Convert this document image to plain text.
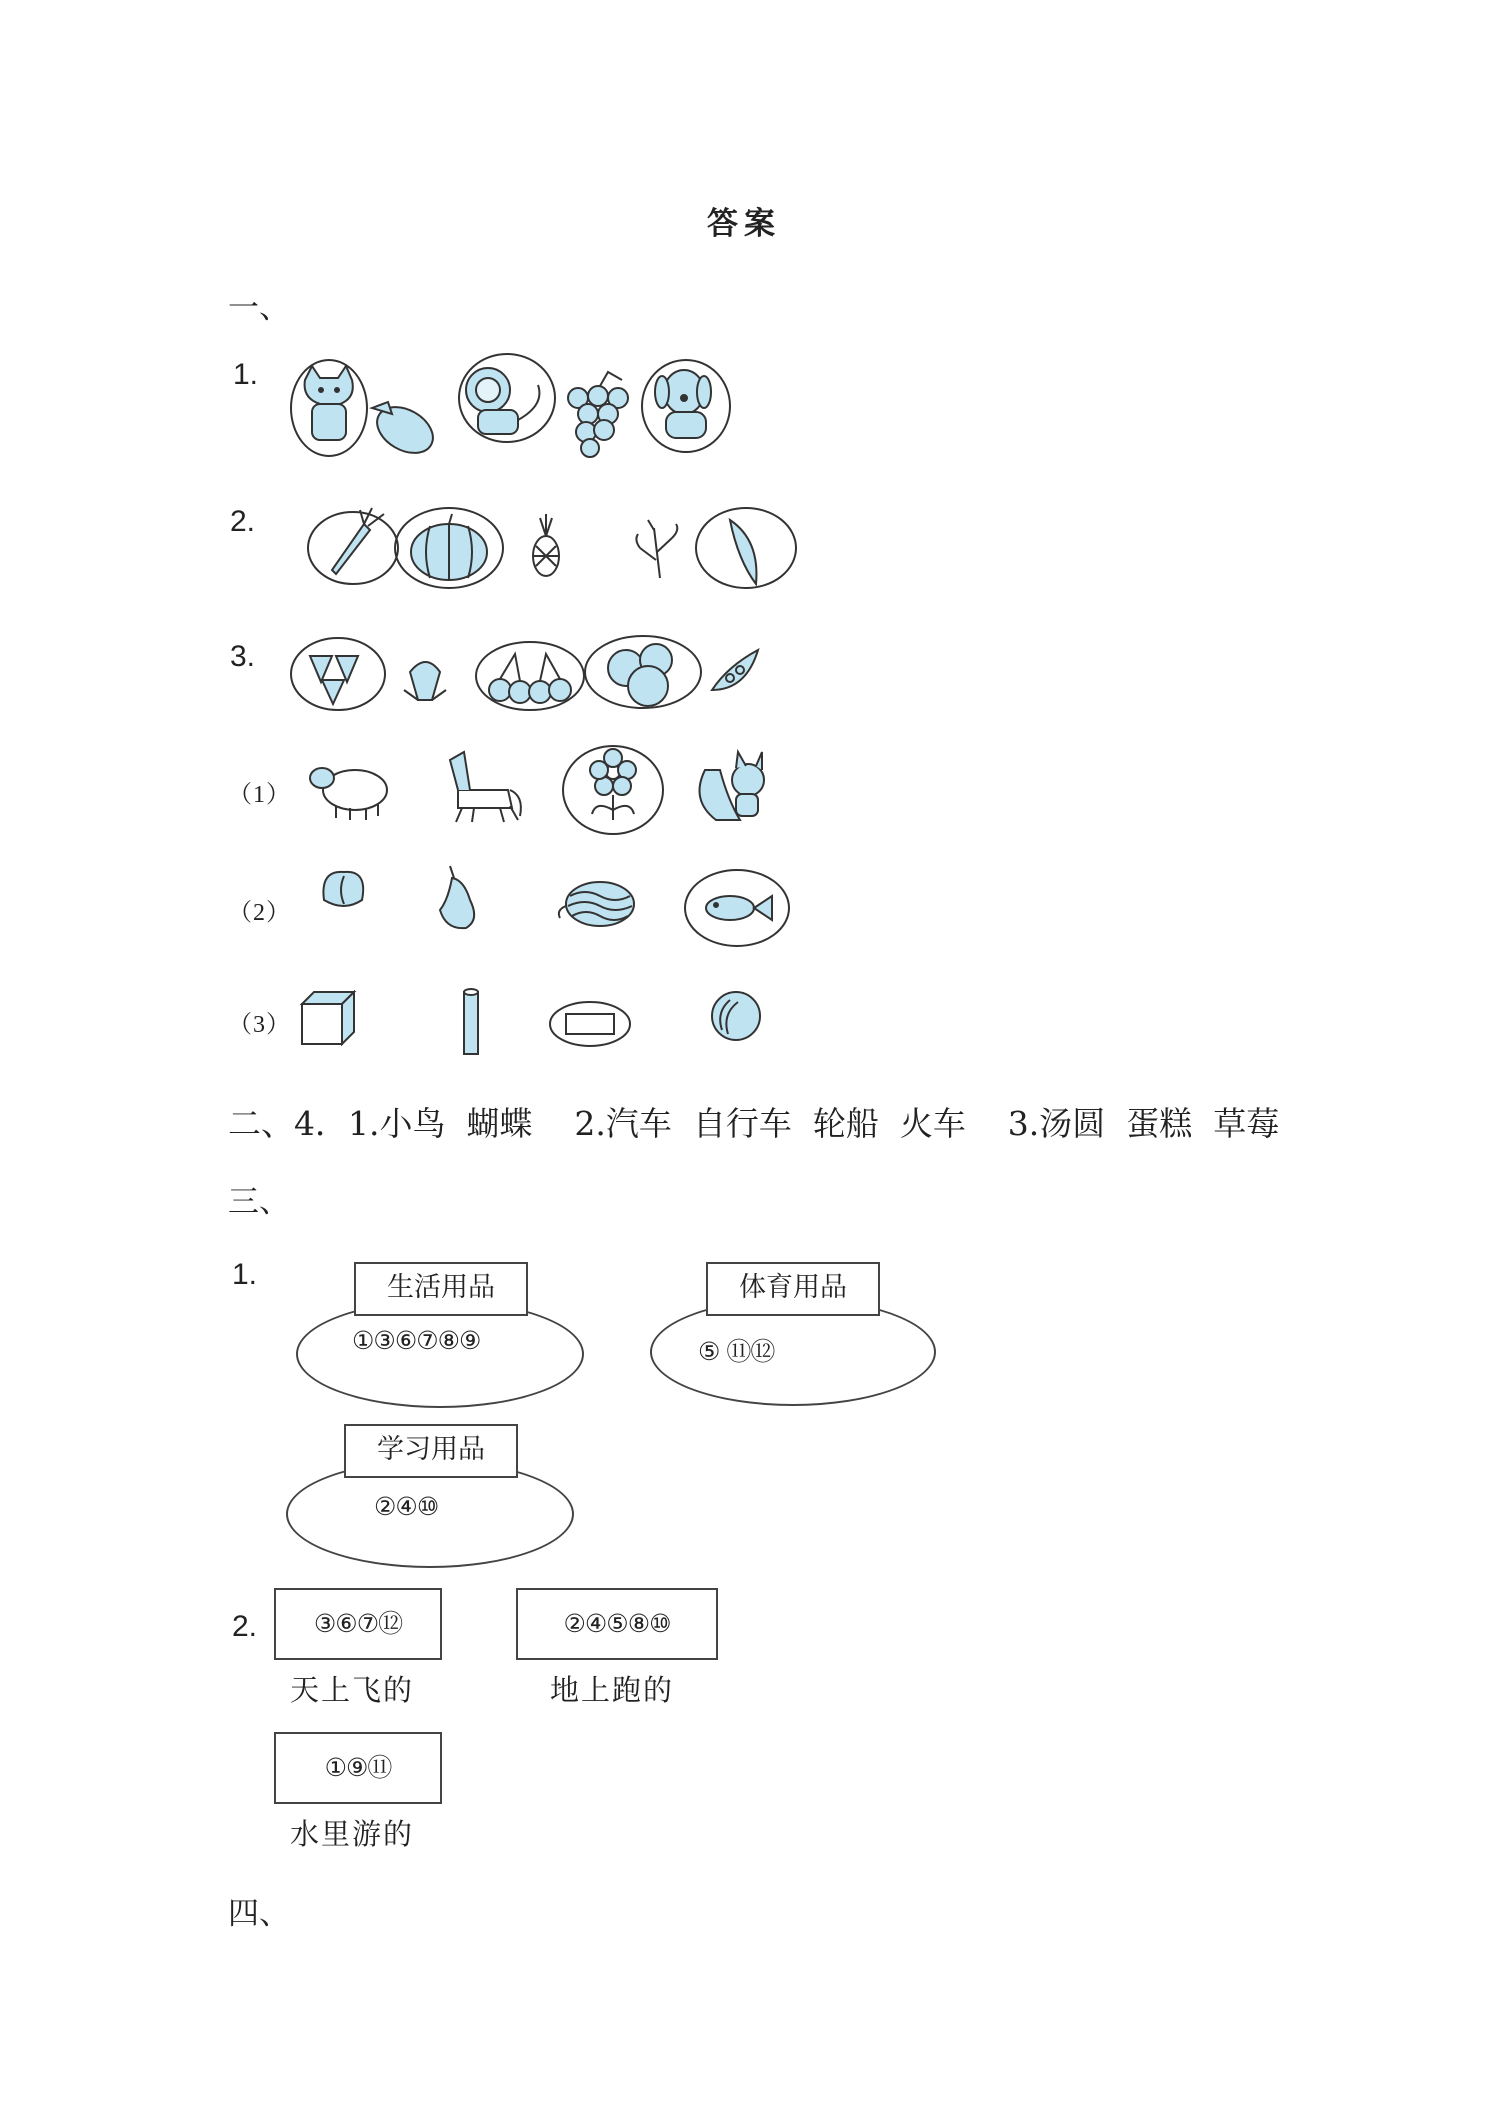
答案
一、
1.
2.
3.
（1）
（2）
（3）
二、4．1.小鸟  蝴蝶    2.汽车  自行车  轮船  火车    3.汤圆  蛋糕  草莓
三、
1.	生活用品
①③⑥⑦⑧⑨
体育用品
⑤ ⑪⑫
学习用品
②④⑩
2.	③⑥⑦⑫
天上飞的
②④⑤⑧⑩
地上跑的
①⑨⑪
水里游的
四、
